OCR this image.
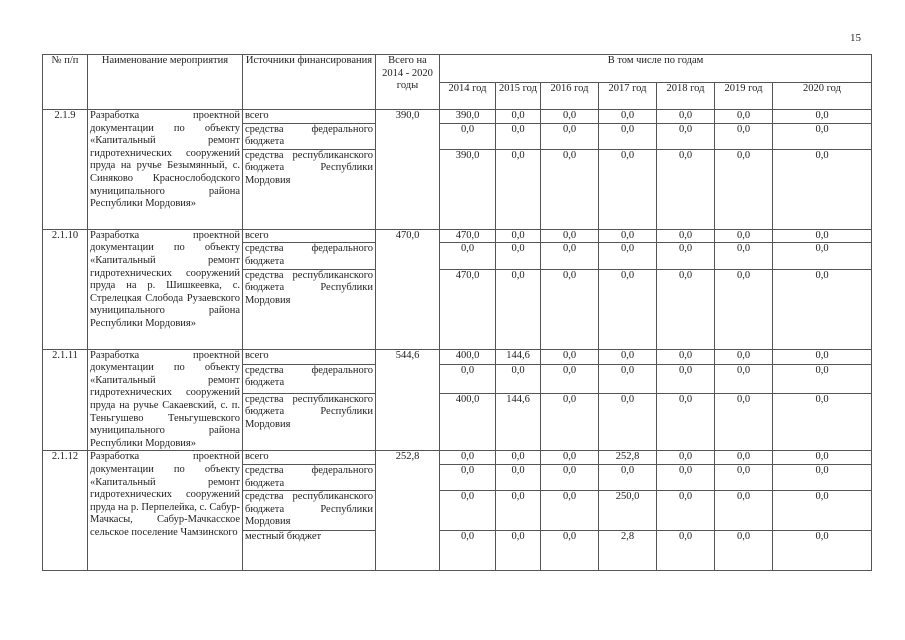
15
№ п/п	Наименование мероприятия	Источники финансирования	Всего на 2014 - 2020 годы	В том числе по годам						
				2014 год	2015 год	2016 год	2017 год	2018 год	2019 год	2020 год
2.1.9	Разработка проектной документации по объекту «Капитальный ремонт гидротехнических сооружений пруда на ручье Безымянный, с. Синяково Краснослободского муниципального района Республики Мордовия»	всего	390,0	390,0	0,0	0,0	0,0	0,0	0,0	0,0
		средства федерального бюджета		0,0	0,0	0,0	0,0	0,0	0,0	0,0
		средства республиканского бюджета Республики Мордовия		390,0	0,0	0,0	0,0	0,0	0,0	0,0
2.1.10	Разработка проектной документации по объекту «Капитальный ремонт гидротехнических сооружений пруда на р. Шишкеевка, с. Стрелецкая Слобода Рузаевского муниципального района Республики Мордовия»	всего	470,0	470,0	0,0	0,0	0,0	0,0	0,0	0,0
		средства федерального бюджета		0,0	0,0	0,0	0,0	0,0	0,0	0,0
		средства республиканского бюджета Республики Мордовия		470,0	0,0	0,0	0,0	0,0	0,0	0,0
2.1.11	Разработка проектной документации по объекту «Капитальный ремонт гидротехнических сооружений пруда на ручье Сакаевский, с. п. Теньгушево Теньгушевского муниципального района Республики Мордовия»	всего	544,6	400,0	144,6	0,0	0,0	0,0	0,0	0,0
		средства федерального бюджета		0,0	0,0	0,0	0,0	0,0	0,0	0,0
		средства республиканского бюджета Республики Мордовия		400,0	144,6	0,0	0,0	0,0	0,0	0,0
2.1.12	Разработка проектной документации по объекту «Капитальный ремонт гидротехнических сооружений пруда на р. Перпелейка, с. Сабур-Мачкасы, Сабур-Мачкасское сельское поселение Чамзинского	всего	252,8	0,0	0,0	0,0	252,8	0,0	0,0	0,0
		средства федерального бюджета		0,0	0,0	0,0	0,0	0,0	0,0	0,0
		средства республиканского бюджета Республики Мордовия		0,0	0,0	0,0	250,0	0,0	0,0	0,0
		местный бюджет		0,0	0,0	0,0	2,8	0,0	0,0	0,0
